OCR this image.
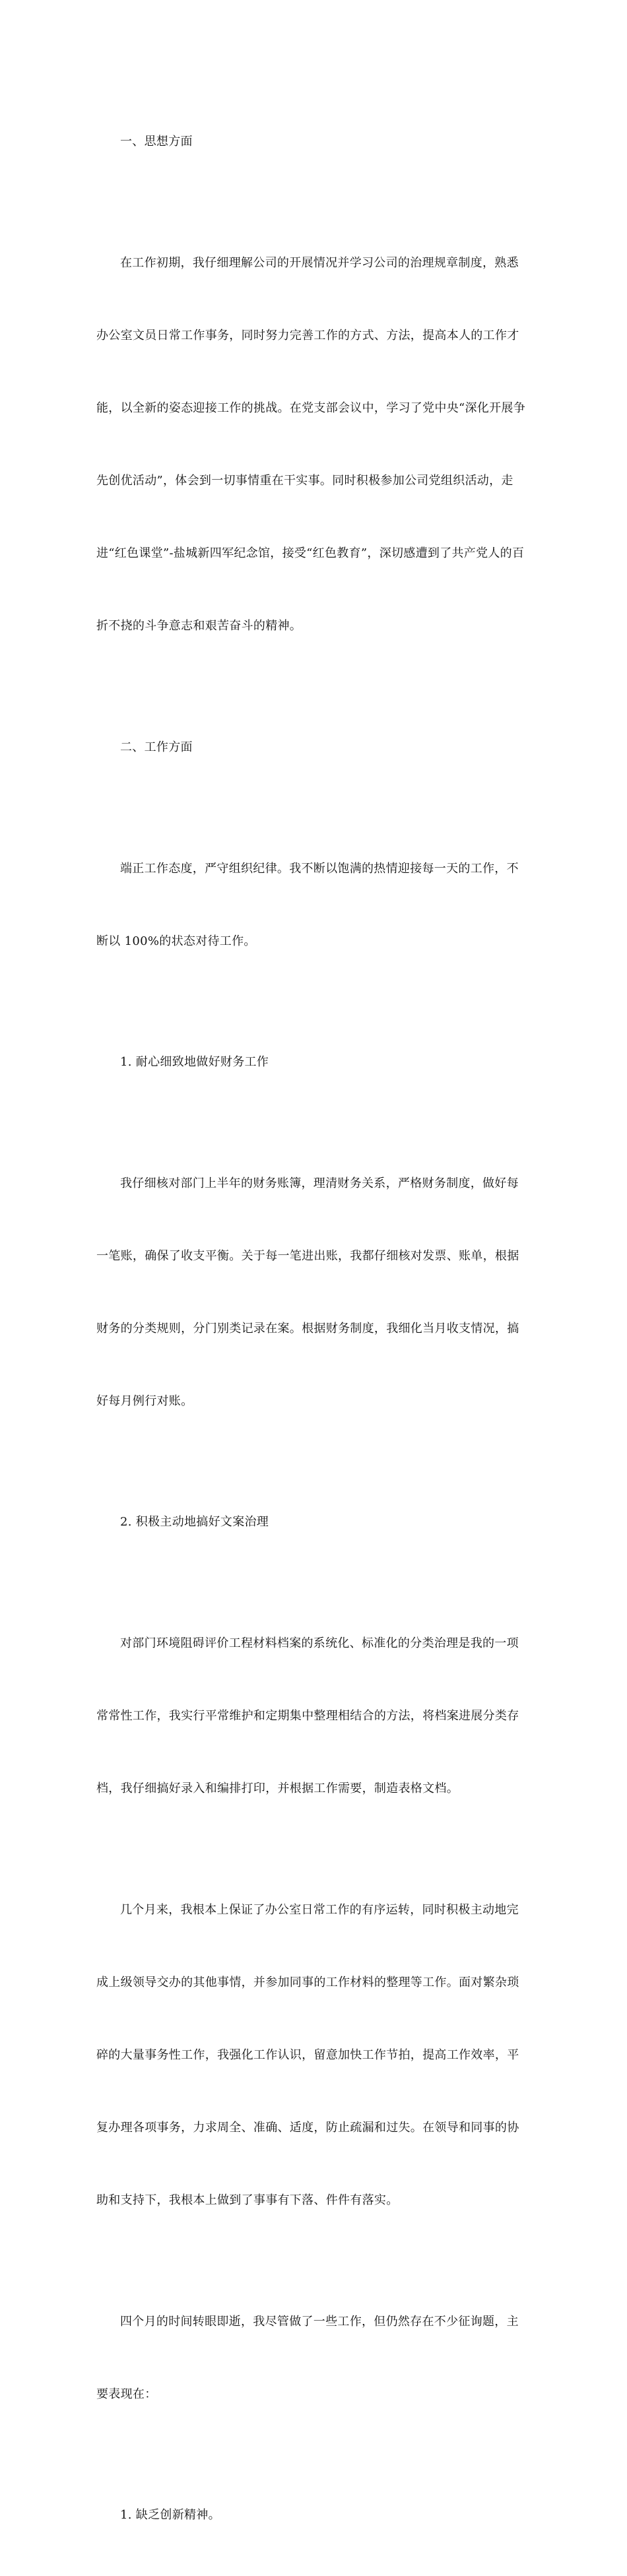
一、思想方面

在工作初期，我仔细理解公司的开展情况并学习公司的治理规章制度，熟悉

办公室文员日常工作事务，同时努力完善工作的方式、方法，提高本人的工作才

能，以全新的姿态迎接工作的挑战。在党支部会议中，学习了党中央“深化开展争

先创优活动”，体会到一切事情重在干实事。同时积极参加公司党组织活动，走

进“红色课堂”-盐城新四军纪念馆，接受“红色教育”，深切感遭到了共产党人的百

折不挠的斗争意志和艰苦奋斗的精神。

二、工作方面

端正工作态度，严守组织纪律。我不断以饱满的热情迎接每一天的工作，不

断以 100%的状态对待工作。

1. 耐心细致地做好财务工作

我仔细核对部门上半年的财务账簿，理清财务关系，严格财务制度，做好每

一笔账，确保了收支平衡。关于每一笔进出账，我都仔细核对发票、账单，根据

财务的分类规则，分门别类记录在案。根据财务制度，我细化当月收支情况，搞

好每月例行对账。

2. 积极主动地搞好文案治理

对部门环境阻碍评价工程材料档案的系统化、标准化的分类治理是我的一项

常常性工作，我实行平常维护和定期集中整理相结合的方法，将档案进展分类存

档，我仔细搞好录入和编排打印，并根据工作需要，制造表格文档。

几个月来，我根本上保证了办公室日常工作的有序运转，同时积极主动地完

成上级领导交办的其他事情，并参加同事的工作材料的整理等工作。面对繁杂琐

碎的大量事务性工作，我强化工作认识，留意加快工作节拍，提高工作效率，平

复办理各项事务，力求周全、准确、适度，防止疏漏和过失。在领导和同事的协

助和支持下，我根本上做到了事事有下落、件件有落实。

四个月的时间转眼即逝，我尽管做了一些工作，但仍然存在不少征询题，主

要表现在：

1. 缺乏创新精神。
